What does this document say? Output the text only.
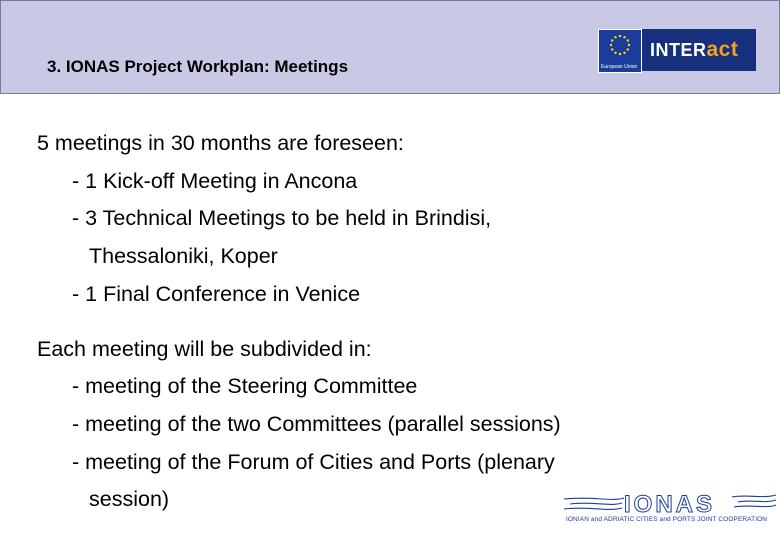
3. IONAS Project Workplan: Meetings	European Union
INTER act
5 meetings in 30 months are foreseen:
- 1 Kick-off Meeting in Ancona
- 3 Technical Meetings to be held in Brindisi,
Thessaloniki, Koper
- 1 Final Conference in Venice
Each meeting will be subdivided in:
- meeting of the Steering Committee
- meeting of the two Committees (parallel sessions)
- meeting of the Forum of Cities and Ports (plenary
session)	IONAS
IONIAN and ADRIATIC CITIES and PORTS JOINT COOPERATION
